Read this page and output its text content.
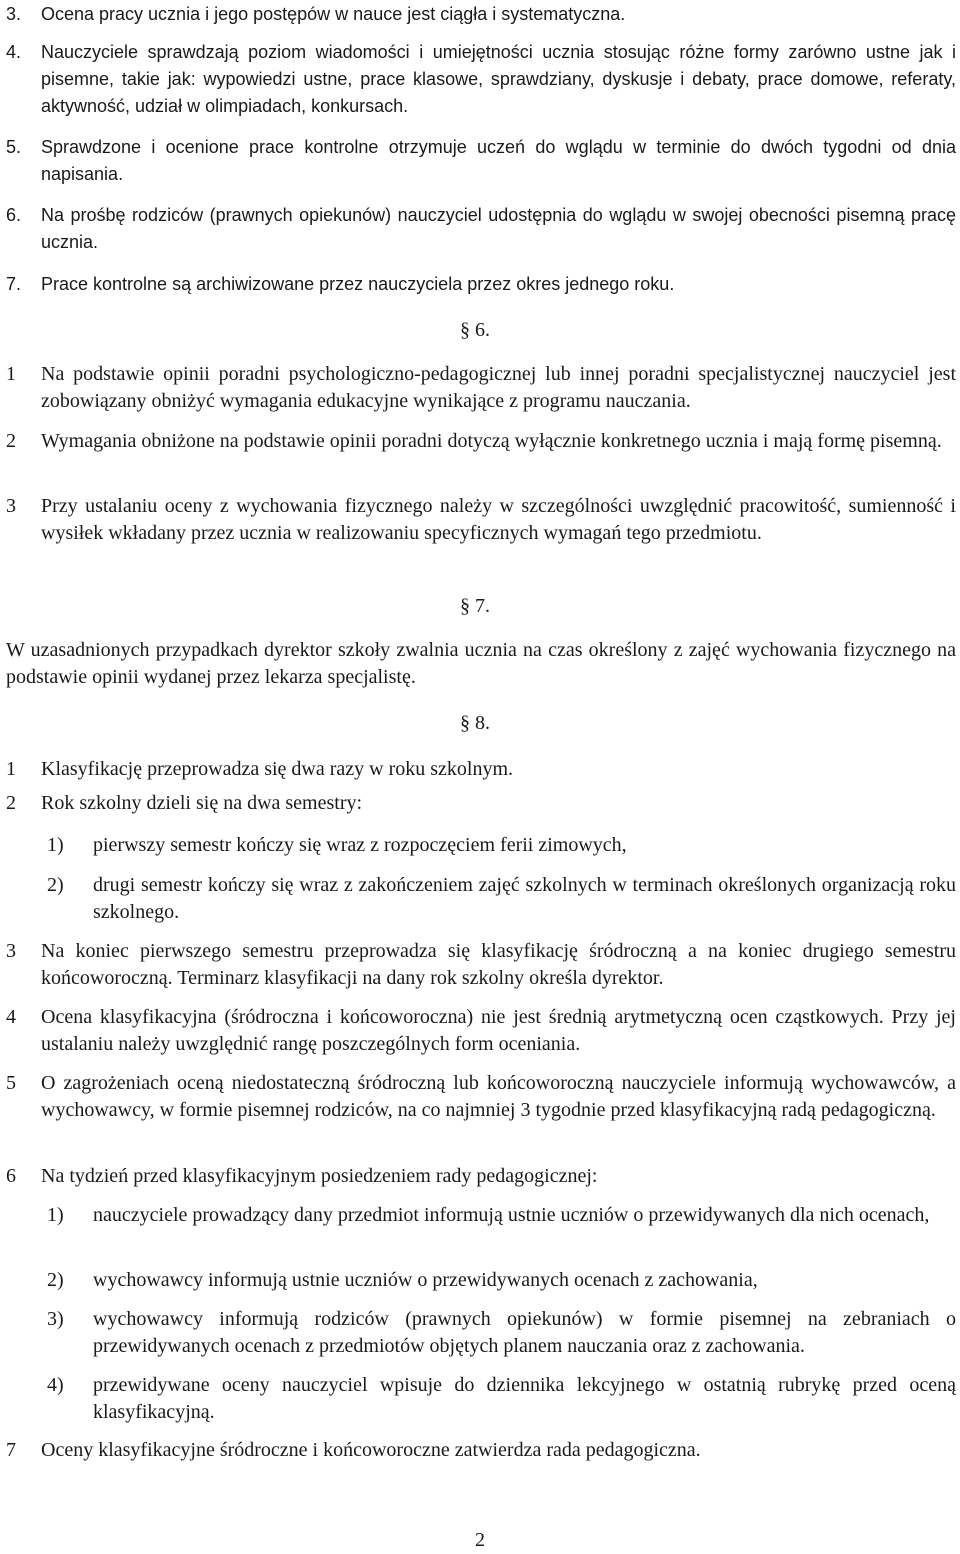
3. Ocena pracy ucznia i jego postępów w nauce jest ciągła i systematyczna.
4. Nauczyciele sprawdzają poziom wiadomości i umiejętności ucznia stosując różne formy zarówno ustne jak i pisemne, takie jak: wypowiedzi ustne, prace klasowe, sprawdziany, dyskusje i debaty, prace domowe, referaty, aktywność, udział w olimpiadach, konkursach.
5. Sprawdzone i ocenione prace kontrolne otrzymuje uczeń do wglądu w terminie do dwóch tygodni od dnia napisania.
6. Na prośbę rodziców (prawnych opiekunów) nauczyciel udostępnia do wglądu w swojej obecności pisemną pracę ucznia.
7. Prace kontrolne są archiwizowane przez nauczyciela przez okres jednego roku.
§ 6.
1 Na podstawie opinii poradni psychologiczno-pedagogicznej lub innej poradni specjalistycznej nauczyciel jest zobowiązany obniżyć wymagania edukacyjne wynikające z programu nauczania.
2 Wymagania obniżone na podstawie opinii poradni dotyczą wyłącznie konkretnego ucznia i mają formę pisemną.
3 Przy ustalaniu oceny z wychowania fizycznego należy w szczególności uwzględnić pracowitość, sumienność i wysiłek wkładany przez ucznia w realizowaniu specyficznych wymagań tego przedmiotu.
§ 7.
W uzasadnionych przypadkach dyrektor szkoły zwalnia ucznia na czas określony z zajęć wychowania fizycznego na podstawie opinii wydanej przez lekarza specjalistę.
§ 8.
1 Klasyfikację przeprowadza się dwa razy w roku szkolnym.
2 Rok szkolny dzieli się na dwa semestry:
1) pierwszy semestr kończy się wraz z rozpoczęciem ferii zimowych,
2) drugi semestr kończy się wraz z zakończeniem zajęć szkolnych w terminach określonych organizacją roku szkolnego.
3 Na koniec pierwszego semestru przeprowadza się klasyfikację śródroczną a na koniec drugiego semestru końcoworoczną. Terminarz klasyfikacji na dany rok szkolny określa dyrektor.
4 Ocena klasyfikacyjna (śródroczna i końcoworoczna) nie jest średnią arytmetyczną ocen cząstkowych. Przy jej ustalaniu należy uwzględnić rangę poszczególnych form oceniania.
5 O zagrożeniach oceną niedostateczną śródroczną lub końcoworoczną nauczyciele informują wychowawców, a wychowawcy, w formie pisemnej rodziców, na co najmniej 3 tygodnie przed klasyfikacyjną radą pedagogiczną.
6 Na tydzień przed klasyfikacyjnym posiedzeniem rady pedagogicznej:
1) nauczyciele prowadzący dany przedmiot informują ustnie uczniów o przewidywanych dla nich ocenach,
2) wychowawcy informują ustnie uczniów o przewidywanych ocenach z zachowania,
3) wychowawcy informują rodziców (prawnych opiekunów) w formie pisemnej na zebraniach o przewidywanych ocenach z przedmiotów objętych planem nauczania oraz z zachowania.
4) przewidywane oceny nauczyciel wpisuje do dziennika lekcyjnego w ostatnią rubrykę przed oceną klasyfikacyjną.
7 Oceny klasyfikacyjne śródroczne i końcoworoczne zatwierdza rada pedagogiczna.
2
